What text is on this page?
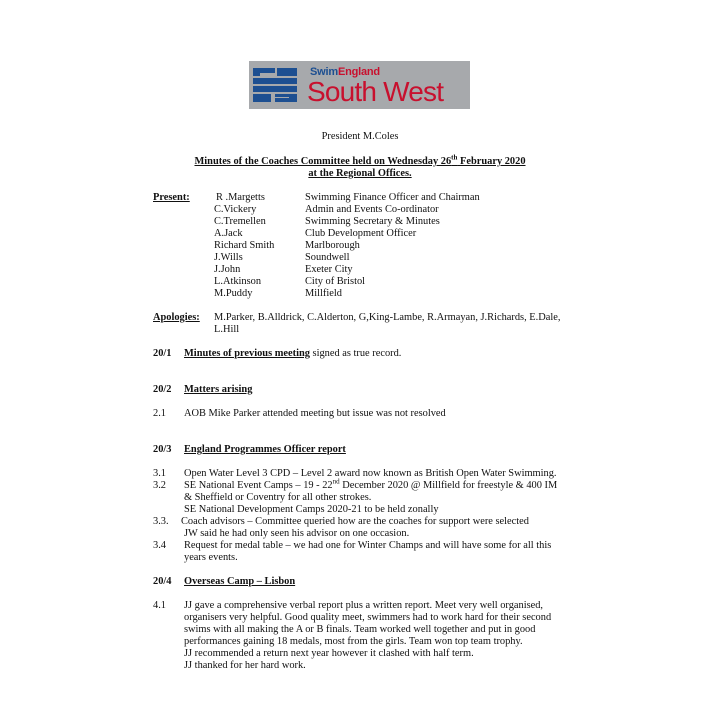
SwimEngland
South West
President M.Coles
Minutes of the Coaches Committee held on Wednesday 26th February 2020
at the Regional Offices.
Present:	R .Margetts	Swimming Finance Officer and Chairman
C.Vickery	Admin and Events Co-ordinator
C.Tremellen	Swimming Secretary & Minutes
A.Jack	Club Development Officer
Richard Smith	Marlborough
J.Wills	Soundwell
J.John	Exeter City
L.Atkinson	City of Bristol
M.Puddy	Millfield
Apologies: M.Parker, B.Alldrick, C.Alderton, G,King-Lambe, R.Armayan, J.Richards, E.Dale,
L.Hill
20/1 Minutes of previous meeting signed as true record.
20/2 Matters arising
2.1 AOB Mike Parker attended meeting but issue was not resolved
20/3 England Programmes Officer report
3.1 Open Water Level 3 CPD – Level 2 award now known as British Open Water Swimming.
3.2 SE National Event Camps – 19 - 22nd December 2020 @ Millfield for freestyle & 400 IM
& Sheffield or Coventry for all other strokes.
SE National Development Camps 2020-21 to be held zonally
3.3. Coach advisors – Committee queried how are the coaches for support were selected
JW said he had only seen his advisor on one occasion.
3.4 Request for medal table – we had one for Winter Champs and will have some for all this
years events.
20/4 Overseas Camp – Lisbon
4.1 JJ gave a comprehensive verbal report plus a written report. Meet very well organised,
organisers very helpful. Good quality meet, swimmers had to work hard for their second
swims with all making the A or B finals. Team worked well together and put in good
performances gaining 18 medals, most from the girls. Team won top team trophy.
JJ recommended a return next year however it clashed with half term.
JJ thanked for her hard work.
